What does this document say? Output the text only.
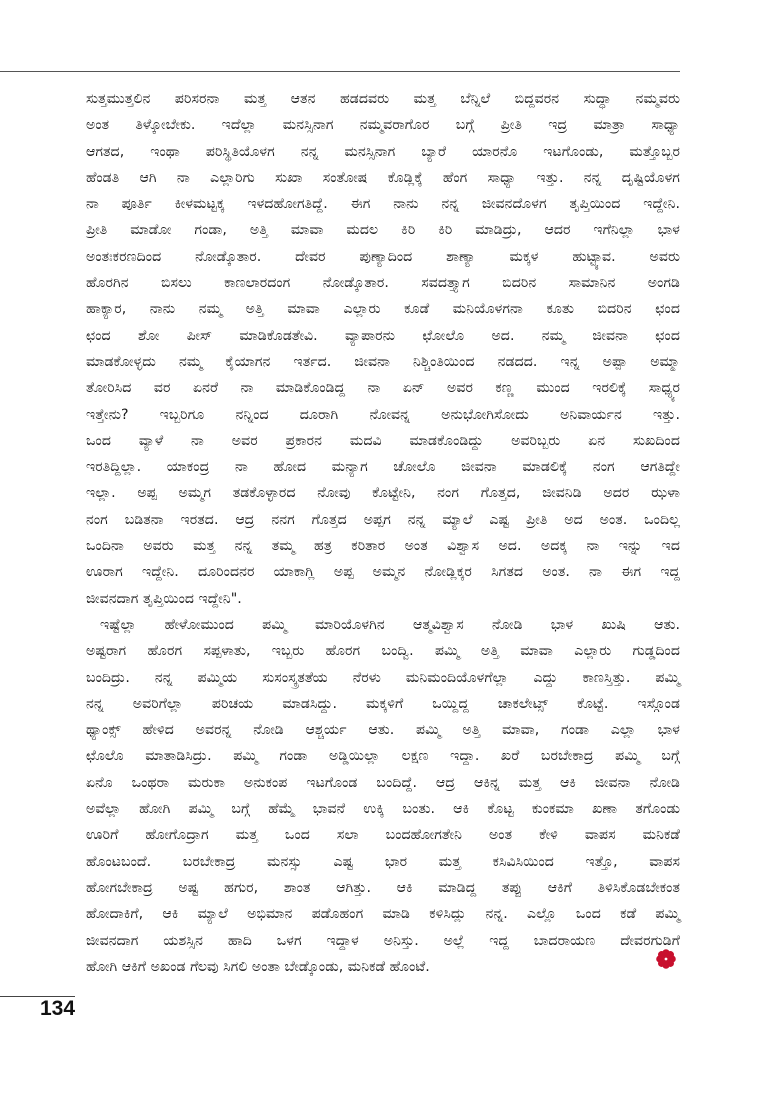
ಸುತ್ತಮುತ್ತಲಿನ ಪರಿಸರನಾ ಮತ್ತ ಆತನ ಹಡದವರು ಮತ್ತ ಬೆನ್ನಿಲೆ ಬಿದ್ದವರನ ಸುದ್ಧಾ ನಮ್ಮವರು
ಅಂತ ತಿಳ್ಕೋಬೇಕು. ಇದೆಲ್ಲಾ ಮನಸ್ಸಿನಾಗ ನಮ್ಮವರಾಗೊರ ಬಗ್ಗೆ ಪ್ರೀತಿ ಇದ್ರ ಮಾತ್ರಾ ಸಾಧ್ಯಾ
ಆಗತದ, ಇಂಥಾ ಪರಿಸ್ಥಿತಿಯೊಳಗ ನನ್ನ ಮನಸ್ಸಿನಾಗ ಬ್ಯಾರೆ ಯಾರನೊ ಇಟಗೊಂಡು, ಮತ್ತೊಬ್ಬರ
ಹೆಂಡತಿ ಆಗಿ ನಾ ಎಲ್ಲಾರಿಗು ಸುಖಾ ಸಂತೋಷ ಕೊಡ್ಲಿಕ್ಕೆ ಹೆಂಗ ಸಾಧ್ಯಾ ಇತ್ತು. ನನ್ನ ದೃಷ್ಟಿಯೊಳಗ
ನಾ ಪೂರ್ತಿ ಕೀಳಮಟ್ಟಕ್ಕ ಇಳದಹೋಗತಿದ್ದೆ. ಈಗ ನಾನು ನನ್ನ ಜೀವನದೊಳಗ ತೃಪ್ತಿಯಿಂದ ಇದ್ದೇನಿ.
ಪ್ರೀತಿ ಮಾಡೋ ಗಂಡಾ, ಅತ್ತಿ ಮಾವಾ ಮದಲ ಕಿರಿ ಕಿರಿ ಮಾಡಿದ್ರು, ಆದರ ಇಗೆನಿಲ್ಲಾ ಭಾಳ
ಅಂತಃಕರಣದಿಂದ ನೋಡ್ಕೊತಾರ. ದೇವರ ಪುಣ್ಯಾದಿಂದ ಶಾಣ್ಯಾ ಮಕ್ಕಳ ಹುಟ್ಟ್ಯಾವ. ಅವರು
ಹೊರಗಿನ ಬಿಸಲು ಕಾಣಲಾರದಂಗ ನೋಡ್ಕೊತಾರ. ಸವದತ್ತ್ಯಾಗ ಬಿದರಿನ ಸಾಮಾನಿನ ಅಂಗಡಿ
ಹಾಕ್ಯಾರ, ನಾನು ನಮ್ಮ ಅತ್ತಿ ಮಾವಾ ಎಲ್ಲಾರು ಕೂಡೆ ಮನಿಯೊಳಗನಾ ಕೂತು ಬಿದರಿನ ಛಂದ
ಛಂದ ಶೋ ಪೀಸ್ ಮಾಡಿಕೊಡತೇವಿ. ವ್ಯಾಪಾರನು ಛೋಲೊ ಅದ. ನಮ್ಮ ಜೀವನಾ ಛಂದ
ಮಾಡಕೋಳ್ಳದು ನಮ್ಮ ಕೈಯಾಗನ ಇರ್ತದ. ಜೀವನಾ ನಿಶ್ಚಿಂತಿಯಿಂದ ನಡದದ. ಇನ್ನ ಅಪ್ಪಾ ಅಮ್ಮಾ
ತೋರಿಸಿದ ವರ ಏನರೆ ನಾ ಮಾಡಿಕೊಂಡಿದ್ದ ನಾ ಏನ್ ಅವರ ಕಣ್ಣ ಮುಂದ ಇರಲಿಕ್ಕೆ ಸಾಧ್ಯ್ಯರ
ಇತ್ತೇನು? ಇಬ್ಬರಿಗೂ ನನ್ನಿಂದ ದೂರಾಗಿ ನೋವನ್ನ ಅನುಭೋಗಿಸೋದು ಅನಿವಾರ್ಯನ ಇತ್ತು.
ಒಂದ ವ್ಯಾಳೆ ನಾ ಅವರ ಪ್ರಕಾರನ ಮದವಿ ಮಾಡಕೊಂಡಿದ್ದು ಅವರಿಬ್ಬರು ಏನ ಸುಖದಿಂದ
ಇರತಿದ್ದಿಲ್ಲಾ. ಯಾಕಂದ್ರ ನಾ ಹೋದ ಮನ್ಯಾಗ ಚೋಲೊ ಜೀವನಾ ಮಾಡಲಿಕ್ಕೆ ನಂಗ ಆಗತಿದ್ದೇ
ಇಲ್ಲಾ. ಅಪ್ಪ ಅಮ್ಮಗ ತಡಕೊಳ್ಳಾರದ ನೋವು ಕೊಟ್ಟೇನಿ, ನಂಗ ಗೊತ್ತದ, ಜೀವನಿಡಿ ಅದರ ಝಳಾ
ನಂಗ ಬಡಿತನಾ ಇರತದ. ಆದ್ರ ನನಗ ಗೊತ್ತದ ಅಪ್ಪಗ ನನ್ನ ಮ್ಯಾಲೆ ಎಷ್ಟ ಪ್ರೀತಿ ಅದ ಅಂತ. ಒಂದಿಲ್ಲ
ಒಂದಿನಾ ಅವರು ಮತ್ತ ನನ್ನ ತಮ್ಮ ಹತ್ರ ಕರಿತಾರ ಅಂತ ವಿಶ್ವಾಸ ಅದ. ಅದಕ್ಕ ನಾ ಇನ್ನು ಇದ
ಊರಾಗ ಇದ್ದೇನಿ. ದೂರಿಂದನರ ಯಾಕಾಗ್ಲಿ ಅಪ್ಪ ಅಮ್ಮನ ನೋಡ್ಲಿಕ್ಕರ ಸಿಗತದ ಅಂತ. ನಾ ಈಗ ಇದ್ದ
ಜೀವನದಾಗ ತೃಪ್ತಿಯಿಂದ ಇದ್ದೇನಿ".
ಇಷ್ಟೆಲ್ಲಾ ಹೇಳೋಮುಂದ ಪಮ್ಮಿ ಮಾರಿಯೊಳಗಿನ ಆತ್ಮವಿಶ್ವಾಸ ನೋಡಿ ಭಾಳ ಖುಷಿ ಆತು.
ಅಷ್ಟರಾಗ ಹೊರಗ ಸಪ್ಪಳಾತು, ಇಬ್ಬರು ಹೊರಗ ಬಂದ್ವಿ. ಪಮ್ಮಿ ಅತ್ತಿ ಮಾವಾ ಎಲ್ಲಾರು ಗುಡ್ಡದಿಂದ
ಬಂದಿದ್ರು. ನನ್ನ ಪಮ್ಮಿಯ ಸುಸಂಸ್ಕ್ರತತೆಯ ನೆರಳು ಮನಿಮಂದಿಯೊಳಗೆಲ್ಲಾ ಎದ್ದು ಕಾಣಸ್ತಿತ್ತು. ಪಮ್ಮಿ
ನನ್ನ ಅವರಿಗೆಲ್ಲಾ ಪರಿಚಯ ಮಾಡಸಿದ್ದು. ಮಕ್ಕಳಿಗೆ ಒಯ್ದಿದ್ದ ಚಾಕಲೇಟ್ಸ್ ಕೊಟ್ಟೆ. ಇಸ್ಗೊಂಡ
ಥ್ಯಾಂಕ್ಸ್ ಹೇಳಿದ ಅವರನ್ನ ನೋಡಿ ಆಶ್ಚರ್ಯ ಆತು. ಪಮ್ಮಿ ಅತ್ತಿ ಮಾವಾ, ಗಂಡಾ ಎಲ್ಲಾ ಭಾಳ
ಛೊಲೊ ಮಾತಾಡಿಸಿದ್ರು. ಪಮ್ಮಿ ಗಂಡಾ ಅಡ್ಡಿಯಿಲ್ಲಾ ಲಕ್ಷಣ ಇದ್ದಾ. ಖರೆ ಬರಬೇಕಾದ್ರ ಪಮ್ಮಿ ಬಗ್ಗೆ
ಏನೊ ಒಂಥರಾ ಮರುಕಾ ಅನುಕಂಪ ಇಟಗೊಂಡ ಬಂದಿದ್ದೆ. ಆದ್ರ ಆಕಿನ್ನ ಮತ್ತ ಆಕಿ ಜೀವನಾ ನೋಡಿ
ಅವೆಲ್ಲಾ ಹೋಗಿ ಪಮ್ಮಿ ಬಗ್ಗೆ ಹೆಮ್ಮೆ ಭಾವನೆ ಉಕ್ಕಿ ಬಂತು. ಆಕಿ ಕೊಟ್ಟ ಕುಂಕಮಾ ಖಣಾ ತಗೊಂಡು
ಊರಿಗೆ ಹೋಗೊದ್ರಾಗ ಮತ್ತ ಒಂದ ಸಲಾ ಬಂದಹೋಗತೇನಿ ಅಂತ ಕೇಳಿ ವಾಪಸ ಮನಿಕಡೆ
ಹೊಂಟಬಂದೆ. ಬರಬೇಕಾದ್ರ ಮನಸ್ಸು ಎಷ್ಟ ಭಾರ ಮತ್ತ ಕಸಿವಿಸಿಯಿಂದ ಇತ್ತೊ, ವಾಪಸ
ಹೋಗಬೇಕಾದ್ರ ಅಷ್ಟ ಹಗುರ, ಶಾಂತ ಆಗಿತ್ತು. ಆಕಿ ಮಾಡಿದ್ದ ತಪ್ಪು ಆಕಿಗೆ ತಿಳಿಸಿಕೊಡಬೇಕಂತ
ಹೋದಾಕಿಗೆ, ಆಕಿ ಮ್ಯಾಲೆ ಅಭಿಮಾನ ಪಡೊಹಂಗ ಮಾಡಿ ಕಳಿಸಿದ್ಲು ನನ್ನ. ಎಲ್ಲೊ ಒಂದ ಕಡೆ ಪಮ್ಮಿ
ಜೀವನದಾಗ ಯಶಸ್ಸಿನ ಹಾದಿ ಒಳಗ ಇದ್ದಾಳ ಅನಿಸ್ತು. ಅಲ್ಲೆ ಇದ್ದ ಬಾದರಾಯಣ ದೇವರಗುಡಿಗೆ
ಹೋಗಿ ಆಕಿಗೆ ಅಖಂಡ ಗೆಲವು ಸಿಗಲಿ ಅಂತಾ ಬೇಡ್ಕೊಂಡು, ಮನಿಕಡೆ ಹೊಂಟೆ.
134
